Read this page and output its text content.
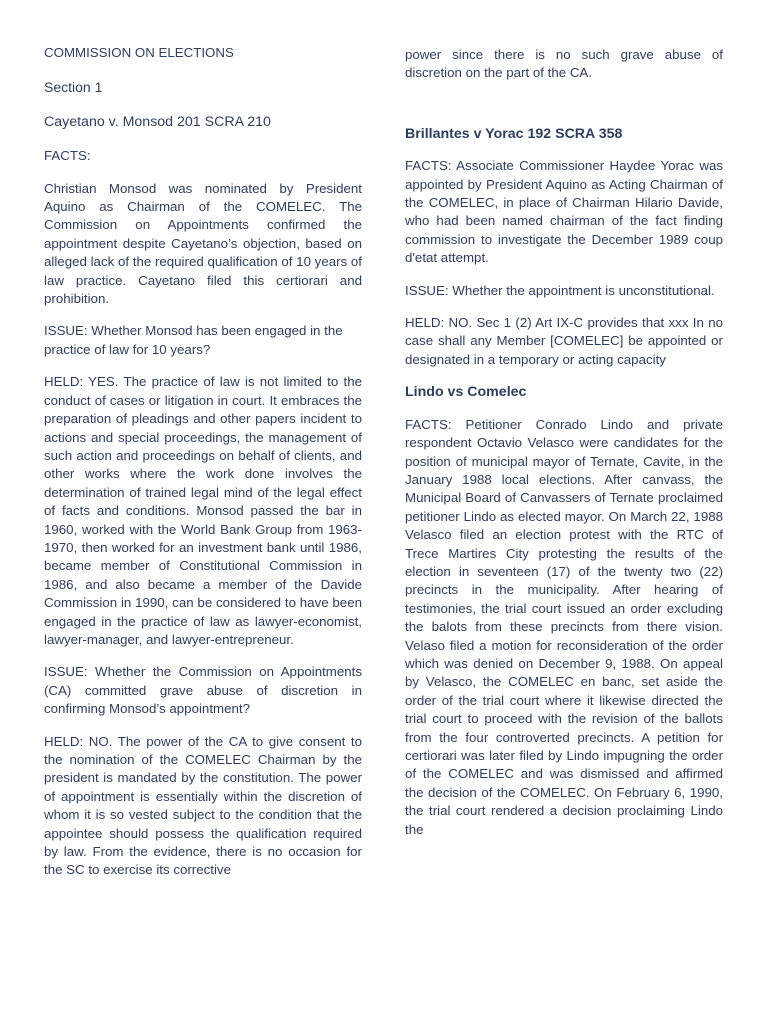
COMMISSION ON ELECTIONS
Section 1
Cayetano v. Monsod 201 SCRA 210
FACTS:

Christian Monsod was nominated by President Aquino as Chairman of the COMELEC. The Commission on Appointments confirmed the appointment despite Cayetano’s objection, based on alleged lack of the required qualification of 10 years of law practice. Cayetano filed this certiorari and prohibition.

ISSUE: Whether Monsod has been engaged in the practice of law for 10 years?

HELD: YES. The practice of law is not limited to the conduct of cases or litigation in court. It embraces the preparation of pleadings and other papers incident to actions and special proceedings, the management of such action and proceedings on behalf of clients, and other works where the work done involves the determination of trained legal mind of the legal effect of facts and conditions. Monsod passed the bar in 1960, worked with the World Bank Group from 1963-1970, then worked for an investment bank until 1986, became member of Constitutional Commission in 1986, and also became a member of the Davide Commission in 1990, can be considered to have been engaged in the practice of law as lawyer-economist, lawyer-manager, and lawyer-entrepreneur.

ISSUE: Whether the Commission on Appointments (CA) committed grave abuse of discretion in confirming Monsod’s appointment?

HELD: NO. The power of the CA to give consent to the nomination of the COMELEC Chairman by the president is mandated by the constitution. The power of appointment is essentially within the discretion of whom it is so vested subject to the condition that the appointee should possess the qualification required by law. From the evidence, there is no occasion for the SC to exercise its corrective

power since there is no such grave abuse of discretion on the part of the CA.

Brillantes v Yorac 192 SCRA 358

FACTS: Associate Commissioner Haydee Yorac was appointed by President Aquino as Acting Chairman of the COMELEC, in place of Chairman Hilario Davide, who had been named chairman of the fact finding commission to investigate the December 1989 coup d'etat attempt.

ISSUE: Whether the appointment is unconstitutional.

HELD: NO. Sec 1 (2) Art IX-C provides that xxx In no case shall any Member [COMELEC] be appointed or designated in a temporary or acting capacity

Lindo vs Comelec

FACTS: Petitioner Conrado Lindo and private respondent Octavio Velasco were candidates for the position of municipal mayor of Ternate, Cavite, in the January 1988 local elections. After canvass, the Municipal Board of Canvassers of Ternate proclaimed petitioner Lindo as elected mayor. On March 22, 1988 Velasco filed an election protest with the RTC of Trece Martires City protesting the results of the election in seventeen (17) of the twenty two (22) precincts in the municipality. After hearing of testimonies, the trial court issued an order excluding the balots from these precincts from there vision. Velaso filed a motion for reconsideration of the order which was denied on December 9, 1988. On appeal by Velasco, the COMELEC en banc, set aside the order of the trial court where it likewise directed the trial court to proceed with the revision of the ballots from the four controverted precincts. A petition for certiorari was later filed by Lindo impugning the order of the COMELEC and was dismissed and affirmed the decision of the COMELEC. On February 6, 1990, the trial court rendered a decision proclaiming Lindo the
